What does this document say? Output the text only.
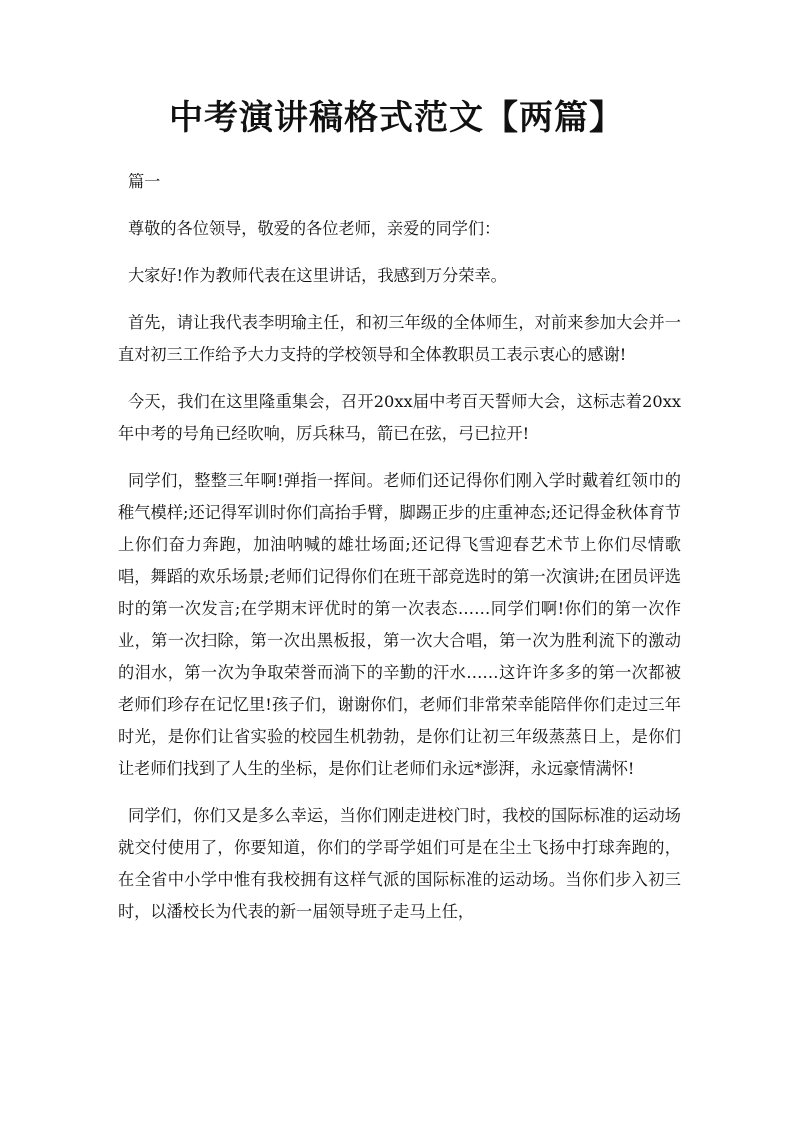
中考演讲稿格式范文【两篇】

篇一

尊敬的各位领导，敬爱的各位老师，亲爱的同学们：

大家好!作为教师代表在这里讲话，我感到万分荣幸。

首先，请让我代表李明瑜主任，和初三年级的全体师生，对前来参加大会并一直对初三工作给予大力支持的学校领导和全体教职员工表示衷心的感谢!

今天，我们在这里隆重集会，召开20xx届中考百天誓师大会，这标志着20xx年中考的号角已经吹响，厉兵秣马，箭已在弦，弓已拉开!

同学们，整整三年啊!弹指一挥间。老师们还记得你们刚入学时戴着红领巾的稚气模样;还记得军训时你们高抬手臂，脚踢正步的庄重神态;还记得金秋体育节上你们奋力奔跑，加油呐喊的雄壮场面;还记得飞雪迎春艺术节上你们尽情歌唱，舞蹈的欢乐场景;老师们记得你们在班干部竞选时的第一次演讲;在团员评选时的第一次发言;在学期末评优时的第一次表态……同学们啊!你们的第一次作业，第一次扫除，第一次出黑板报，第一次大合唱，第一次为胜利流下的激动的泪水，第一次为争取荣誉而淌下的辛勤的汗水……这许许多多的第一次都被老师们珍存在记忆里!孩子们，谢谢你们，老师们非常荣幸能陪伴你们走过三年时光，是你们让省实验的校园生机勃勃，是你们让初三年级蒸蒸日上，是你们让老师们找到了人生的坐标，是你们让老师们永远*澎湃，永远豪情满怀!

同学们，你们又是多么幸运，当你们刚走进校门时，我校的国际标准的运动场就交付使用了，你要知道，你们的学哥学姐们可是在尘土飞扬中打球奔跑的，在全省中小学中惟有我校拥有这样气派的国际标准的运动场。当你们步入初三时，以潘校长为代表的新一届领导班子走马上任，
